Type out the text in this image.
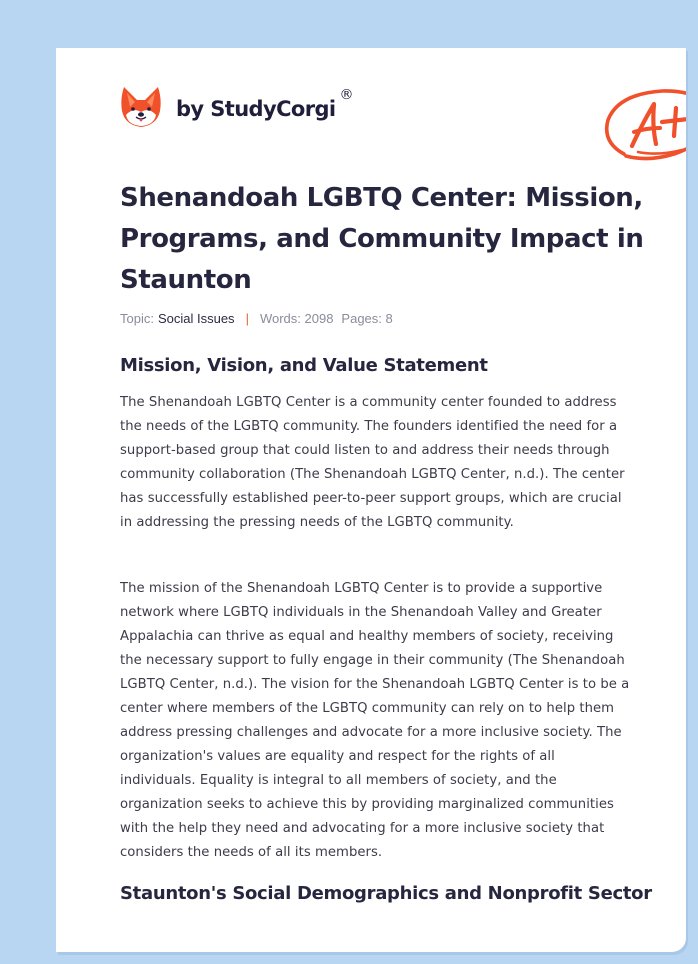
by StudyCorgi
®
Shenandoah LGBTQ Center: Mission, Programs, and Community Impact in Staunton
Topic: Social Issues | Words: 2098 Pages: 8
Mission, Vision, and Value Statement

The Shenandoah LGBTQ Center is a community center founded to address the needs of the LGBTQ community. The founders identified the need for a support-based group that could listen to and address their needs through community collaboration (The Shenandoah LGBTQ Center, n.d.). The center has successfully established peer-to-peer support groups, which are crucial in addressing the pressing needs of the LGBTQ community.

The mission of the Shenandoah LGBTQ Center is to provide a supportive network where LGBTQ individuals in the Shenandoah Valley and Greater Appalachia can thrive as equal and healthy members of society, receiving the necessary support to fully engage in their community (The Shenandoah LGBTQ Center, n.d.). The vision for the Shenandoah LGBTQ Center is to be a center where members of the LGBTQ community can rely on to help them address pressing challenges and advocate for a more inclusive society. The organization's values are equality and respect for the rights of all individuals. Equality is integral to all members of society, and the organization seeks to achieve this by providing marginalized communities with the help they need and advocating for a more inclusive society that considers the needs of all its members.

Staunton's Social Demographics and Nonprofit Sector
